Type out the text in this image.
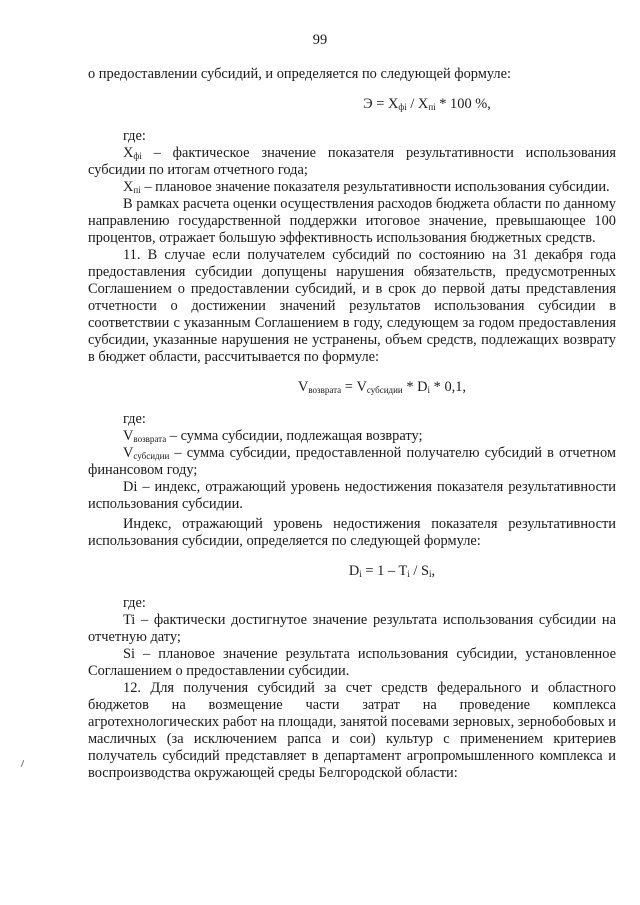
99

о предоставлении субсидий, и определяется по следующей формуле:

$Э = X_{фi} / X_{пi} * 100$ %,

где:

$X_{фi}$ – фактическое значение показателя результативности использования субсидии по итогам отчетного года;

$X_{пi}$ – плановое значение показателя результативности использования субсидии.

В рамках расчета оценки осуществления расходов бюджета области по данному направлению государственной поддержки итоговое значение, превышающее 100 процентов, отражает большую эффективность использования бюджетных средств.

11. В случае если получателем субсидий по состоянию на 31 декабря года предоставления субсидии допущены нарушения обязательств, предусмотренных Соглашением о предоставлении субсидий, и в срок до первой даты представления отчетности о достижении значений результатов использования субсидии в соответствии с указанным Соглашением в году, следующем за годом предоставления субсидии, указанные нарушения не устранены, объем средств, подлежащих возврату в бюджет области, рассчитывается по формуле:

$V_{возврата} = V_{субсидии} * D_i * 0,1$,

где:

$V_{возврата}$ – сумма субсидии, подлежащая возврату;

$V_{субсидии}$ – сумма субсидии, предоставленной получателю субсидий в отчетном финансовом году;

Di – индекс, отражающий уровень недостижения показателя результативности использования субсидии.

Индекс, отражающий уровень недостижения показателя результативности использования субсидии, определяется по следующей формуле:

$D_i = 1 - T_i / S_i$,

где:

Ti – фактически достигнутое значение результата использования субсидии на отчетную дату;

Si – плановое значение результата использования субсидии, установленное Соглашением о предоставлении субсидии.

12. Для получения субсидий за счет средств федерального и областного бюджетов на возмещение части затрат на проведение комплекса агротехнологических работ на площади, занятой посевами зерновых, зернобобовых и масличных (за исключением рапса и сои) культур с применением критериев получатель субсидий представляет в департамент агропромышленного комплекса и воспроизводства окружающей среды Белгородской области:
